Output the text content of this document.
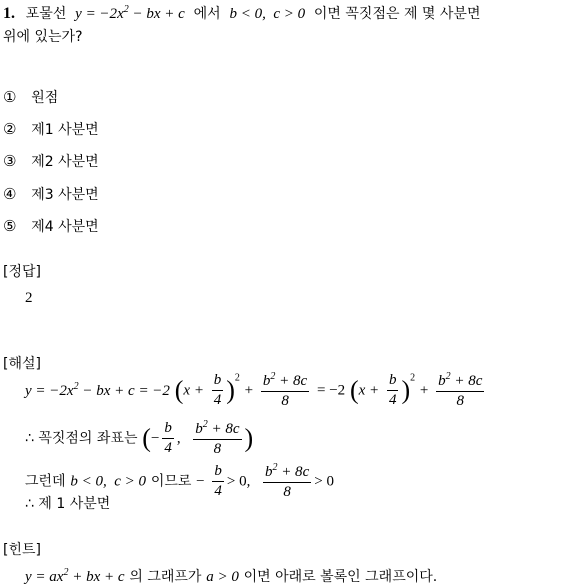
1. 포물선 $y = -2x^2$ − bx + c 에서 b < 0,  c > 0 이면 꼭짓점은 제 몇 사분면
위에 있는가?
① 원점
② 제1 사분면
③ 제2 사분면
④ 제3 사분면
⑤ 제4 사분면
[정답]
2
[해설]
$y = -2x^2$ − bx + c = −2 $(x + \frac{b}{4} )^2 + \frac{b^2 + 8c}{8} = -2$ $(x + \frac{b}{4} )^2 + \frac{b^2 + 8c}{8}$
∴ 꼭짓점의 좌표는 (− $\frac{b}{4}$ , $\frac{b^2 + 8c}{8}$ )
그런데 b < 0,  c > 0 이므로 − $\frac{b}{4} > 0$, $\frac{b^2 + 8c}{8} > 0$
∴ 제 1 사분면
[힌트]
$y = ax^2$ + bx + c 의 그래프가 a > 0 이면 아래로 볼록인 그래프이다.
